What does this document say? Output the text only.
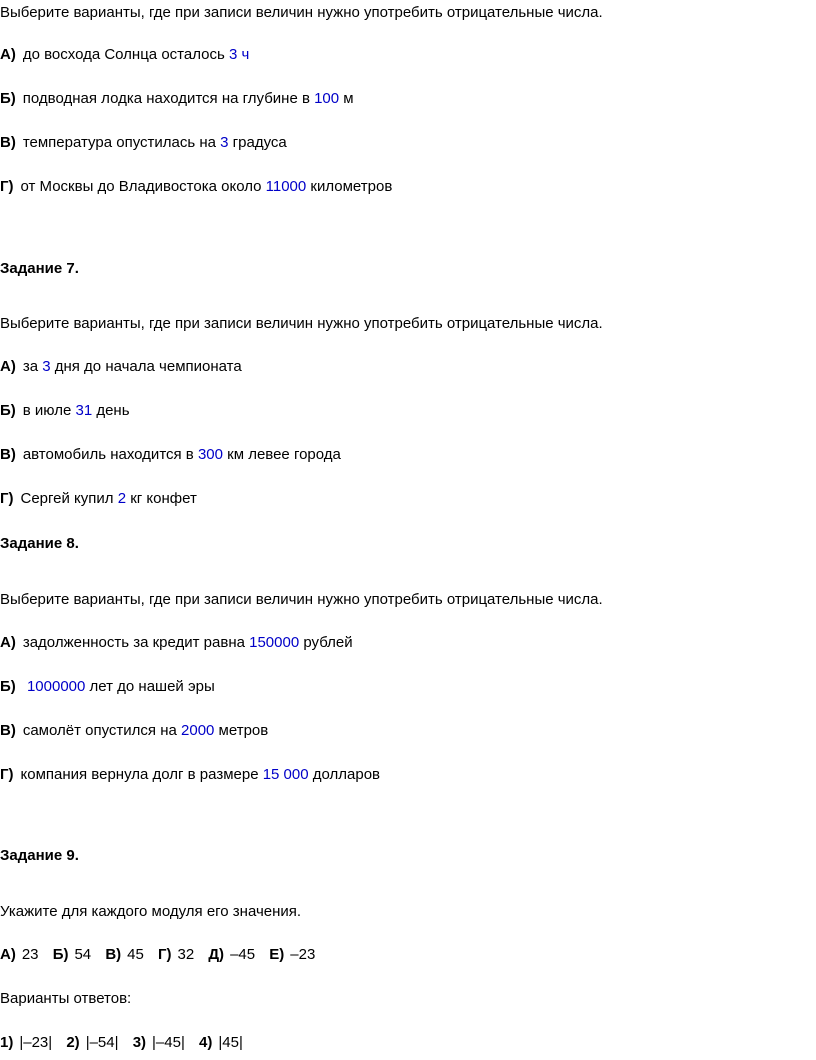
Выберите варианты, где при записи величин нужно употребить отрицательные числа.
А) до восхода Солнца осталось 3 ч
Б) подводная лодка находится на глубине в 100 м
В) температура опустилась на 3 градуса
Г) от Москвы до Владивостока около 11000 километров
Задание 7.
Выберите варианты, где при записи величин нужно употребить отрицательные числа.
А) за 3 дня до начала чемпионата
Б) в июле 31 день
В) автомобиль находится в 300 км левее города
Г) Сергей купил 2 кг конфет
Задание 8.
Выберите варианты, где при записи величин нужно употребить отрицательные числа.
А) задолженность за кредит равна 150000 рублей
Б) 1000000 лет до нашей эры
В) самолёт опустился на 2000 метров
Г) компания вернула долг в размере 15 000 долларов
Задание 9.
Укажите для каждого модуля его значения.
А) 23 Б) 54 В) 45 Г) 32 Д) –45 Е) –23
Варианты ответов:
1) |–23| 2) |–54| 3) |–45| 4) |45|
